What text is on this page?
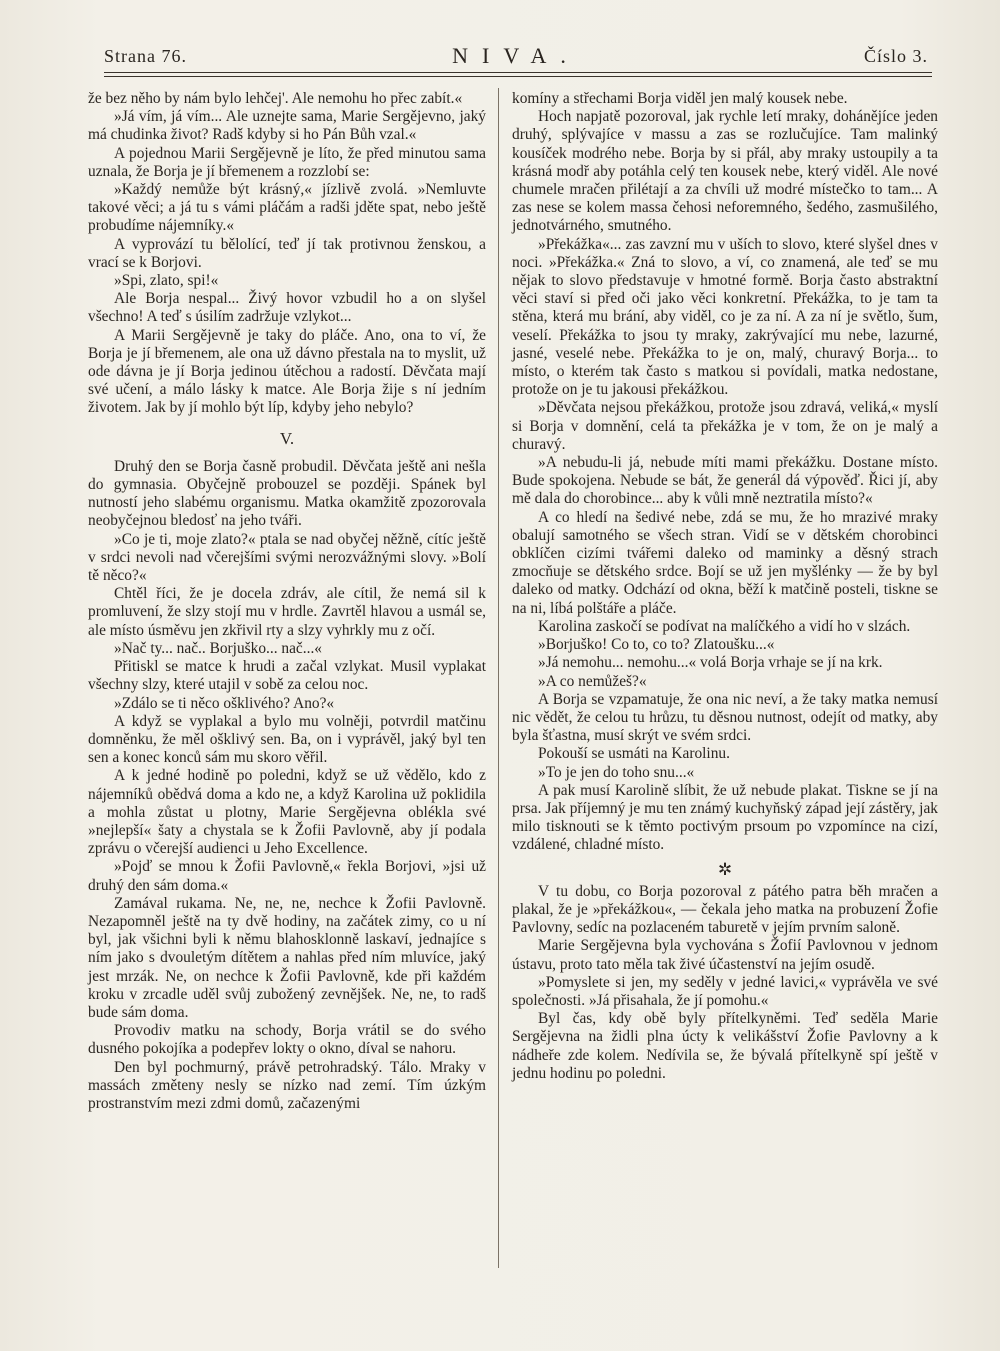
Strana 76.	NIVA.	Číslo 3.

že bez něho by nám bylo lehčej'. Ale nemohu ho přec zabít.«

»Já vím, já vím... Ale uznejte sama, Marie Sergějevno, jaký má chudinka život? Radš kdyby si ho Pán Bůh vzal.«

A pojednou Marii Sergějevně je líto, že před minutou sama uznala, že Borja je jí břemenem a rozzlobí se:

»Každý nemůže být krásný,« jízlivě zvolá. »Nemluvte takové věci; a já tu s vámi pláčám a radši jděte spat, nebo ještě probudíme nájemníky.«

A vyprovází tu bělolící, teď jí tak protivnou ženskou, a vrací se k Borjovi.

»Spi, zlato, spi!«

Ale Borja nespal... Živý hovor vzbudil ho a on slyšel všechno! A teď s úsilím zadržuje vzlykot...

A Marii Sergějevně je taky do pláče. Ano, ona to ví, že Borja je jí břemenem, ale ona už dávno přestala na to myslit, už ode dávna je jí Borja jedinou útěchou a radostí. Děvčata mají své učení, a málo lásky k matce. Ale Borja žije s ní jedním životem. Jak by jí mohlo být líp, kdyby jeho nebylo?

V.

Druhý den se Borja časně probudil. Děvčata ještě ani nešla do gymnasia. Obyčejně probouzel se později. Spánek byl nutností jeho slabému organismu. Matka okamžitě zpozorovala neobyčejnou bledosť na jeho tváři.

»Co je ti, moje zlato?« ptala se nad obyčej něžně, cítíc ještě v srdci nevoli nad včerejšími svými nerozvážnými slovy. »Bolí tě něco?«

Chtěl říci, že je docela zdráv, ale cítil, že nemá sil k promluvení, že slzy stojí mu v hrdle. Zavrtěl hlavou a usmál se, ale místo úsměvu jen zkřivil rty a slzy vyhrkly mu z očí.

»Nač ty... nač.. Borjuško... nač...«

Přitiskl se matce k hrudi a začal vzlykat. Musil vyplakat všechny slzy, které utajil v sobě za celou noc.

»Zdálo se ti něco ošklivého? Ano?«

A když se vyplakal a bylo mu volněji, potvrdil matčinu domněnku, že měl ošklivý sen. Ba, on i vyprávěl, jaký byl ten sen a konec konců sám mu skoro věřil.

A k jedné hodině po poledni, když se už vědělo, kdo z nájemníků obědvá doma a kdo ne, a když Karolina už poklidila a mohla zůstat u plotny, Marie Sergějevna oblékla své »nejlepší« šaty a chystala se k Žofii Pavlovně, aby jí podala zprávu o včerejší audienci u Jeho Excellence.

»Pojď se mnou k Žofii Pavlovně,« řekla Borjovi, »jsi už druhý den sám doma.«

Zamával rukama. Ne, ne, ne, nechce k Žofii Pavlovně. Nezapomněl ještě na ty dvě hodiny, na začátek zimy, co u ní byl, jak všichni byli k němu blahosklonně laskaví, jednajíce s ním jako s dvouletým dítětem a nahlas před ním mluvíce, jaký jest mrzák. Ne, on nechce k Žofii Pavlovně, kde při každém kroku v zrcadle uděl svůj zubožený zevnějšek. Ne, ne, to radš bude sám doma.

Provodiv matku na schody, Borja vrátil se do svého dusného pokojíka a podepřev lokty o okno, díval se nahoru.

Den byl pochmurný, právě petrohradský. Tálo. Mraky v massách změteny nesly se nízko nad zemí. Tím úzkým prostranstvím mezi zdmi domů, začazenými

komíny a střechami Borja viděl jen malý kousek nebe.

Hoch napjatě pozoroval, jak rychle letí mraky, dohánějíce jeden druhý, splývajíce v massu a zas se rozlučujíce. Tam malinký kousíček modrého nebe. Borja by si přál, aby mraky ustoupily a ta krásná modř aby potáhla celý ten kousek nebe, který viděl. Ale nové chumele mračen přilétají a za chvíli už modré místečko to tam... A zas nese se kolem massa čehosi neforemného, šedého, zasmušilého, jednotvárného, smutného.

»Překážka«... zas zavzní mu v uších to slovo, které slyšel dnes v noci. »Překážka.« Zná to slovo, a ví, co znamená, ale teď se mu nějak to slovo představuje v hmotné formě. Borja často abstraktní věci staví si před oči jako věci konkretní. Překážka, to je tam ta stěna, která mu brání, aby viděl, co je za ní. A za ní je světlo, šum, veselí. Překážka to jsou ty mraky, zakrývající mu nebe, lazurné, jasné, veselé nebe. Překážka to je on, malý, churavý Borja... to místo, o kterém tak často s matkou si povídali, matka nedostane, protože on je tu jakousi překážkou.

»Děvčata nejsou překážkou, protože jsou zdravá, veliká,« myslí si Borja v domnění, celá ta překážka je v tom, že on je malý a churavý.

»A nebudu-li já, nebude míti mami překážku. Dostane místo. Bude spokojena. Nebude se bát, že generál dá výpověď. Řici jí, aby mě dala do chorobince... aby k vůli mně neztratila místo?«

A co hledí na šedivé nebe, zdá se mu, že ho mrazivé mraky obalují samotného se všech stran. Vidí se v dětském chorobinci obklíčen cizími tvářemi daleko od maminky a děsný strach zmocňuje se dětského srdce. Bojí se už jen myšlénky — že by byl daleko od matky. Odchází od okna, běží k matčině posteli, tiskne se na ni, líbá polštáře a pláče.

Karolina zaskočí se podívat na malíčkého a vidí ho v slzách.

»Borjuško! Co to, co to? Zlatoušku...«

»Já nemohu... nemohu...« volá Borja vrhaje se jí na krk.

»A co nemůžeš?«

A Borja se vzpamatuje, že ona nic neví, a že taky matka nemusí nic vědět, že celou tu hrůzu, tu děsnou nutnost, odejít od matky, aby byla šťastna, musí skrýt ve svém srdci.

Pokouší se usmáti na Karolinu.

»To je jen do toho snu...«

A pak musí Karolině slíbit, že už nebude plakat. Tiskne se jí na prsa. Jak příjemný je mu ten známý kuchyňský západ její zástěry, jak milo tisknouti se k těmto poctivým prsoum po vzpomínce na cizí, vzdálené, chladné místo.

✲

V tu dobu, co Borja pozoroval z pátého patra běh mračen a plakal, že je »překážkou«, — čekala jeho matka na probuzení Žofie Pavlovny, sedíc na pozlaceném taburetě v jejím prvním saloně.

Marie Sergějevna byla vychována s Žofií Pavlovnou v jednom ústavu, proto tato měla tak živé účastenství na jejím osudě.

»Pomyslete si jen, my seděly v jedné lavici,« vyprávěla ve své společnosti. »Já přisahala, že jí pomohu.«

Byl čas, kdy obě byly přítelkyněmi. Teď seděla Marie Sergějevna na židli plna úcty k velikášství Žofie Pavlovny a k nádheře zde kolem. Nedívila se, že bývalá přítelkyně spí ještě v jednu hodinu po poledni.
